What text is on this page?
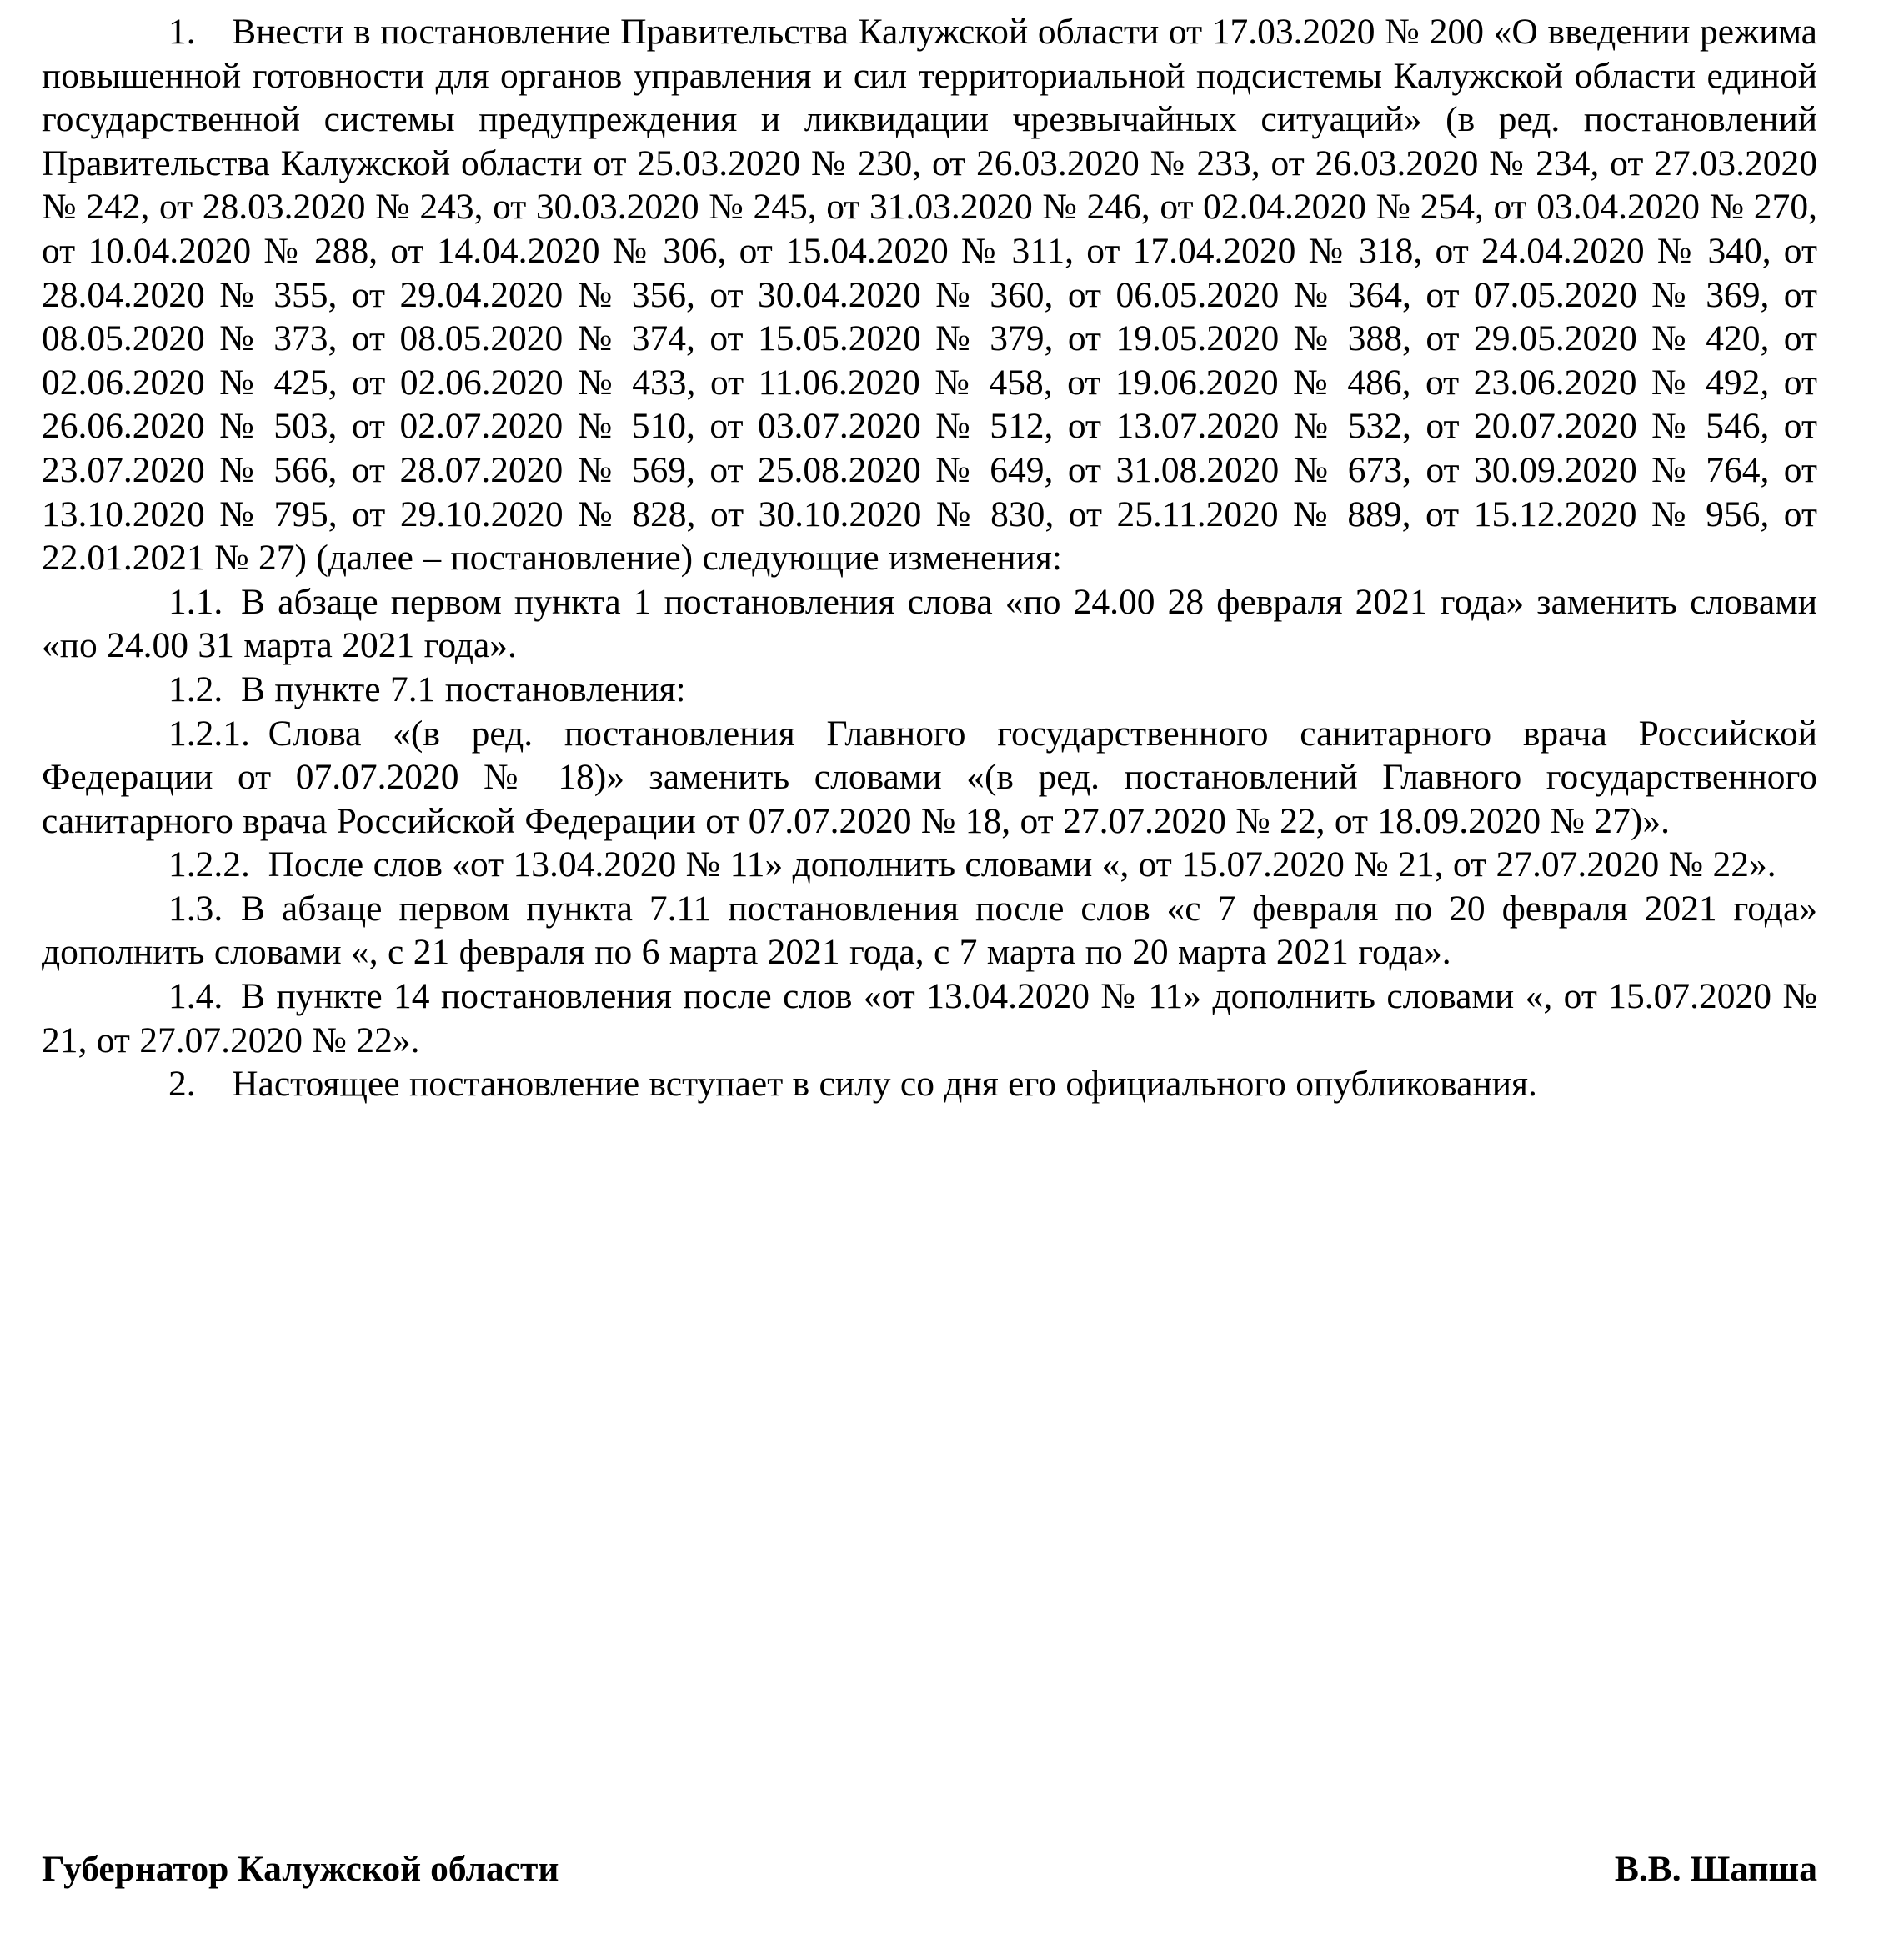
1. Внести в постановление Правительства Калужской области от 17.03.2020 № 200 «О введении режима повышенной готовности для органов управления и сил территориальной подсистемы Калужской области единой государственной системы предупреждения и ликвидации чрезвычайных ситуаций» (в ред. постановлений Правительства Калужской области от 25.03.2020 № 230, от 26.03.2020 № 233, от 26.03.2020 № 234, от 27.03.2020 № 242, от 28.03.2020 № 243, от 30.03.2020 № 245, от 31.03.2020 № 246, от 02.04.2020 № 254, от 03.04.2020 № 270, от 10.04.2020 № 288, от 14.04.2020 № 306, от 15.04.2020 № 311, от 17.04.2020 № 318, от 24.04.2020 № 340, от 28.04.2020 № 355, от 29.04.2020 № 356, от 30.04.2020 № 360, от 06.05.2020 № 364, от 07.05.2020 № 369, от 08.05.2020 № 373, от 08.05.2020 № 374, от 15.05.2020 № 379, от 19.05.2020 № 388, от 29.05.2020 № 420, от 02.06.2020 № 425, от 02.06.2020 № 433, от 11.06.2020 № 458, от 19.06.2020 № 486, от 23.06.2020 № 492, от 26.06.2020 № 503, от 02.07.2020 № 510, от 03.07.2020 № 512, от 13.07.2020 № 532, от 20.07.2020 № 546, от 23.07.2020 № 566, от 28.07.2020 № 569, от 25.08.2020 № 649, от 31.08.2020 № 673, от 30.09.2020 № 764, от 13.10.2020 № 795, от 29.10.2020 № 828, от 30.10.2020 № 830, от 25.11.2020 № 889, от 15.12.2020 № 956, от 22.01.2021 № 27) (далее – постановление) следующие изменения:

1.1. В абзаце первом пункта 1 постановления слова «по 24.00 28 февраля 2021 года» заменить словами «по 24.00 31 марта 2021 года».

1.2. В пункте 7.1 постановления:

1.2.1. Слова «(в ред. постановления Главного государственного санитарного врача Российской Федерации от 07.07.2020 № 18)» заменить словами «(в ред. постановлений Главного государственного санитарного врача Российской Федерации от 07.07.2020 № 18, от 27.07.2020 № 22, от 18.09.2020 № 27)».

1.2.2. После слов «от 13.04.2020 № 11» дополнить словами «, от 15.07.2020 № 21, от 27.07.2020 № 22».

1.3. В абзаце первом пункта 7.11 постановления после слов «с 7 февраля по 20 февраля 2021 года» дополнить словами «, с 21 февраля по 6 марта 2021 года, с 7 марта по 20 марта 2021 года».

1.4. В пункте 14 постановления после слов «от 13.04.2020 № 11» дополнить словами «, от 15.07.2020 № 21, от 27.07.2020 № 22».

2. Настоящее постановление вступает в силу со дня его официального опубликования.

Губернатор Калужской области	В.В. Шапша
